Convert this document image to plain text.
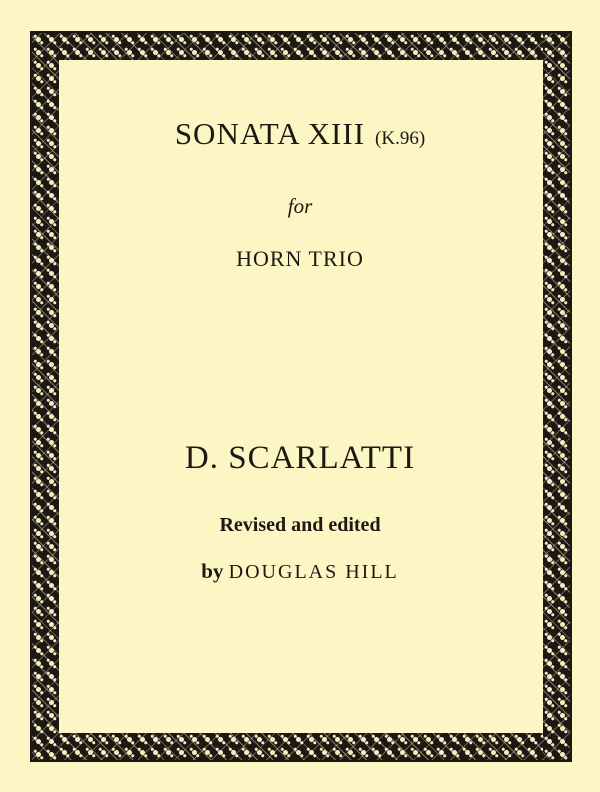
SONATA XIII (K.96)
for
HORN TRIO
D. SCARLATTI
Revised and edited
by DOUGLAS HILL
